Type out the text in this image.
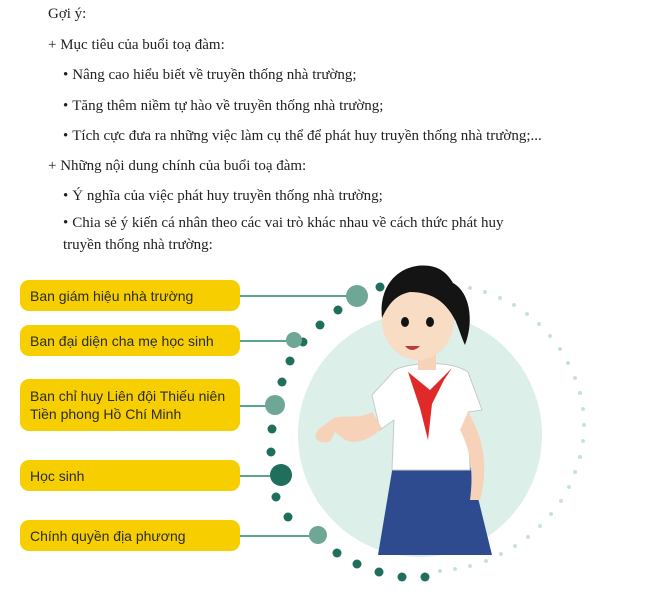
Gợi ý:
+ Mục tiêu của buổi toạ đàm:
• Nâng cao hiểu biết về truyền thống nhà trường;
• Tăng thêm niềm tự hào về truyền thống nhà trường;
• Tích cực đưa ra những việc làm cụ thể để phát huy truyền thống nhà trường;...
+ Những nội dung chính của buổi toạ đàm:
• Ý nghĩa của việc phát huy truyền thống nhà trường;
• Chia sẻ ý kiến cá nhân theo các vai trò khác nhau về cách thức phát huy
truyền thống nhà trường:
Ban giám hiệu nhà trường
Ban đại diện cha mẹ học sinh
Ban chỉ huy Liên đội Thiếu niên
Tiền phong Hồ Chí Minh
Học sinh
Chính quyền địa phương
